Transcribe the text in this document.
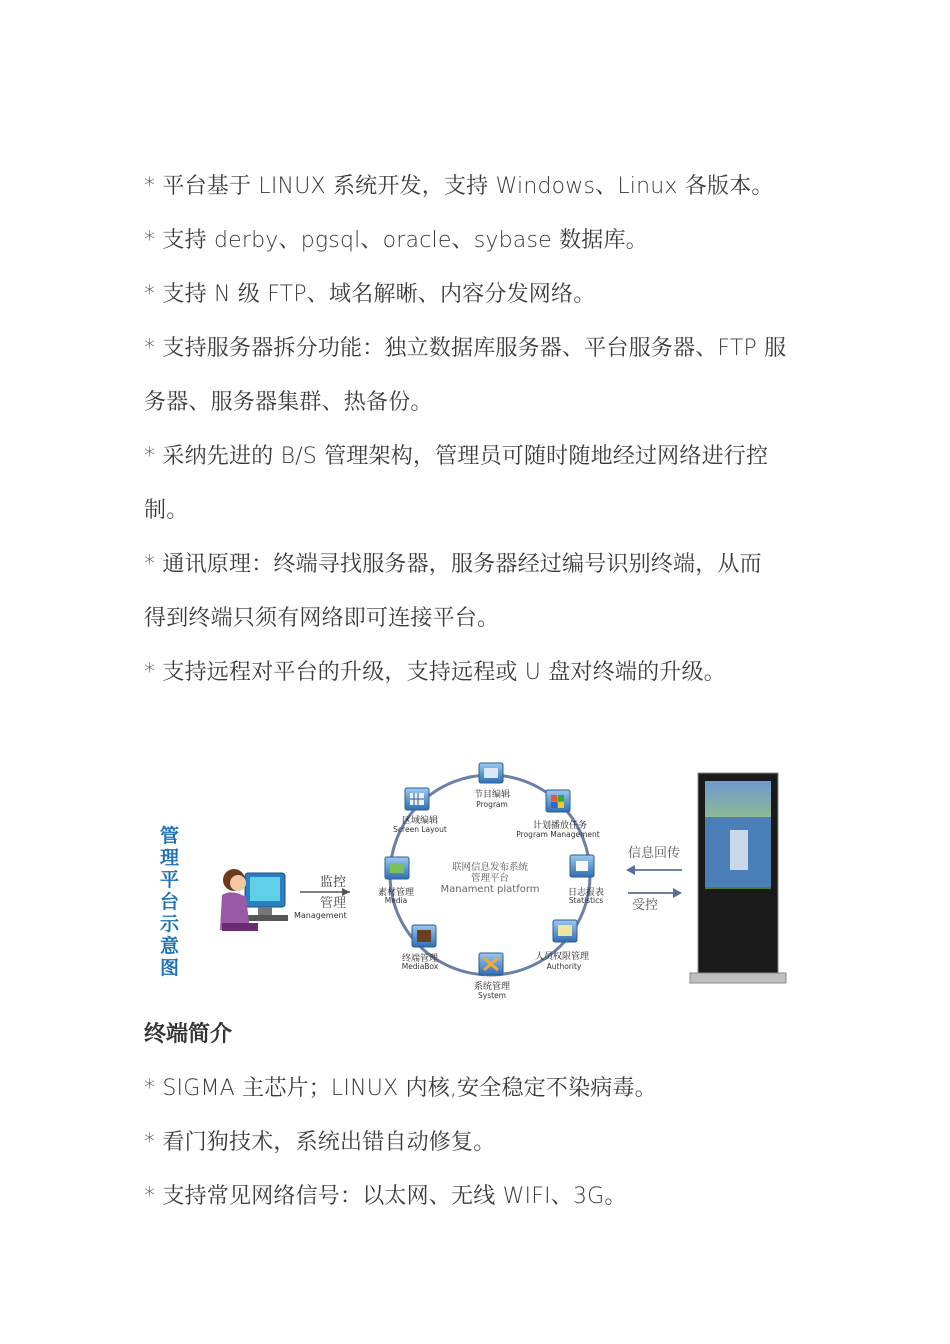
* 平台基于 LINUX 系统开发，支持 Windows、Linux 各版本。
* 支持 derby、pgsql、oracle、sybase 数据库。
* 支持 N 级 FTP、域名解晰、内容分发网络。
* 支持服务器拆分功能：独立数据库服务器、平台服务器、FTP 服
务器、服务器集群、热备份。
* 采纳先进的 B/S 管理架构，管理员可随时随地经过网络进行控
制。
* 通讯原理：终端寻找服务器，服务器经过编号识别终端，从而
得到终端只须有网络即可连接平台。
* 支持远程对平台的升级，支持远程或 U 盘对终端的升级。
管理平台示意图
监控
管理
Management
联网信息发布系统
管理平台
Manament platform
节目编辑
Program
计划播放任务
Program Management
日志报表
Statistics
人员权限管理
Authority
系统管理
System
终端管理
MediaBox
素材管理
Media
区域编辑
Screen Layout
信息回传
受控
终端简介
* SIGMA 主芯片；LINUX 内核,安全稳定不染病毒。
* 看门狗技术，系统出错自动修复。
* 支持常见网络信号：以太网、无线 WIFI、3G。
